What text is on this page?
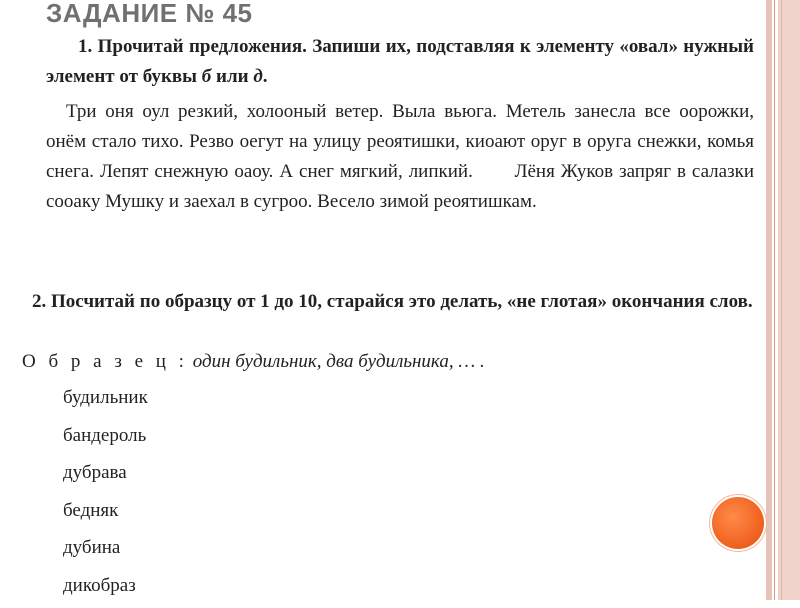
ЗАДАНИЕ № 45
1. Прочитай предложения. Запиши их, подставляя к элементу «овал» нужный элемент от буквы б или д.
Три оня оул резкий, холооный ветер. Выла вьюга. Метель занесла все оорожки, онём стало тихо. Резво оегут на улицу реоятишки, киоают оруг в оруга снежки, комья снега. Лепят снежную оаоу. А снег мягкий, липкий.       Лёня Жуков запряг в салазки соoаку Мушку и заехал в сугроо. Весело зимой реоятишкам.
2. Посчитай по образцу от 1 до 10, старайся это делать, «не глотая» окончания слов.
О б р а з е ц : один будильник, два будильника, … .
будильник
бандероль
дубрава
бедняк
дубина
дикобраз
